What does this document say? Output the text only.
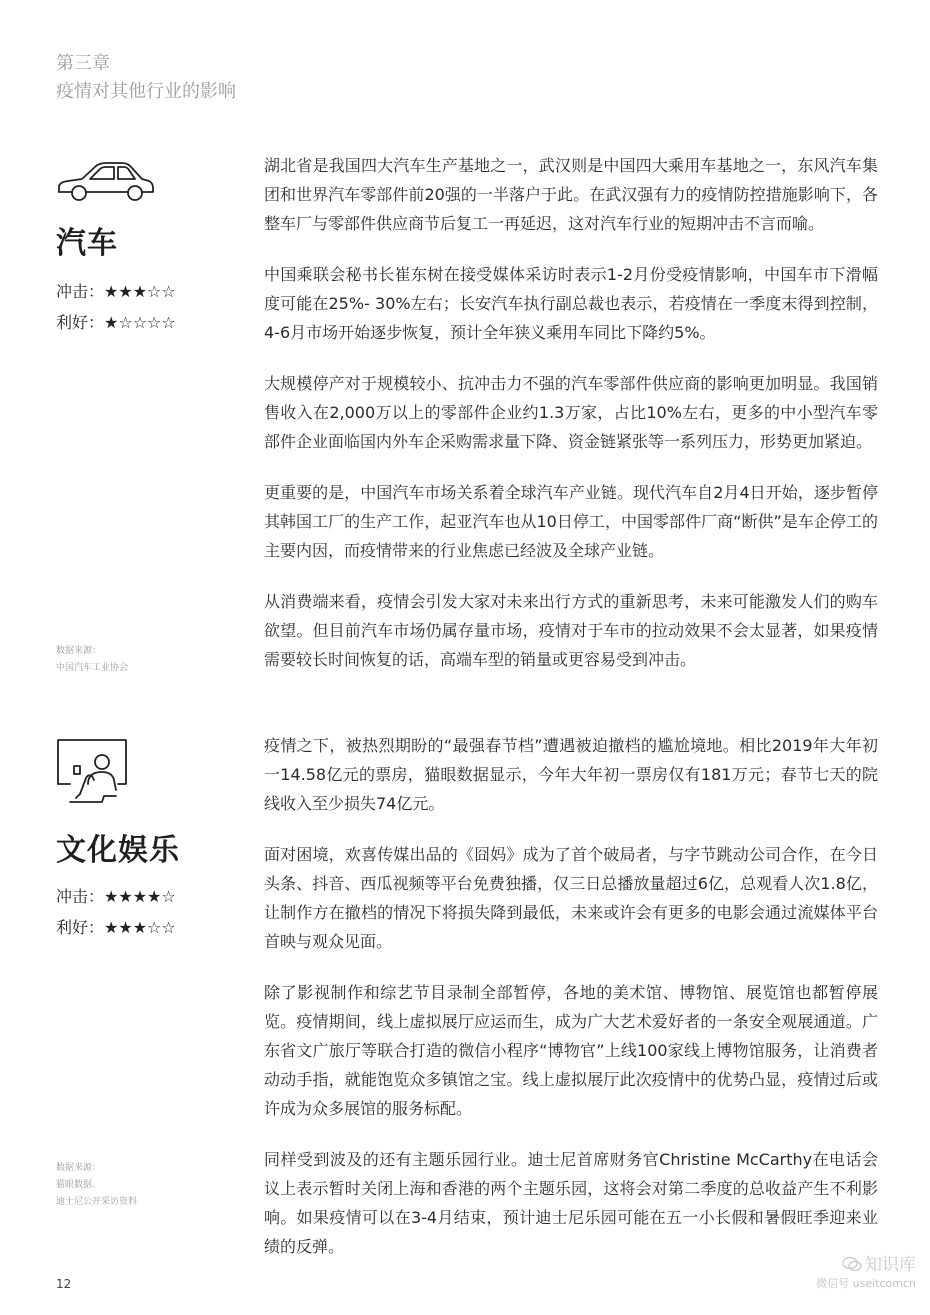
第三章
疫情对其他行业的影响
汽车
冲击：★★★☆☆
利好：★☆☆☆☆
数据来源：
中国汽车工业协会

湖北省是我国四大汽车生产基地之一，武汉则是中国四大乘用车基地之一，东风汽车集团和世界汽车零部件前20强的一半落户于此。在武汉强有力的疫情防控措施影响下，各整车厂与零部件供应商节后复工一再延迟，这对汽车行业的短期冲击不言而喻。

中国乘联会秘书长崔东树在接受媒体采访时表示1-2月份受疫情影响，中国车市下滑幅度可能在25%- 30%左右；长安汽车执行副总裁也表示，若疫情在一季度末得到控制，4-6月市场开始逐步恢复，预计全年狭义乘用车同比下降约5%。

大规模停产对于规模较小、抗冲击力不强的汽车零部件供应商的影响更加明显。我国销售收入在2,000万以上的零部件企业约1.3万家，占比10%左右，更多的中小型汽车零部件企业面临国内外车企采购需求量下降、资金链紧张等一系列压力，形势更加紧迫。

更重要的是，中国汽车市场关系着全球汽车产业链。现代汽车自2月4日开始，逐步暂停其韩国工厂的生产工作，起亚汽车也从10日停工，中国零部件厂商“断供”是车企停工的主要内因，而疫情带来的行业焦虑已经波及全球产业链。

从消费端来看，疫情会引发大家对未来出行方式的重新思考，未来可能激发人们的购车欲望。但目前汽车市场仍属存量市场，疫情对于车市的拉动效果不会太显著，如果疫情需要较长时间恢复的话，高端车型的销量或更容易受到冲击。

文化娱乐
冲击：★★★★☆
利好：★★★☆☆
数据来源：
猫眼数据、
迪士尼公开采访资料

疫情之下，被热烈期盼的“最强春节档”遭遇被迫撤档的尴尬境地。相比2019年大年初一14.58亿元的票房，猫眼数据显示，今年大年初一票房仅有181万元；春节七天的院线收入至少损失74亿元。

面对困境，欢喜传媒出品的《囧妈》成为了首个破局者，与字节跳动公司合作，在今日头条、抖音、西瓜视频等平台免费独播，仅三日总播放量超过6亿，总观看人次1.8亿，让制作方在撤档的情况下将损失降到最低，未来或许会有更多的电影会通过流媒体平台首映与观众见面。

除了影视制作和综艺节目录制全部暂停，各地的美术馆、博物馆、展览馆也都暂停展览。疫情期间，线上虚拟展厅应运而生，成为广大艺术爱好者的一条安全观展通道。广东省文广旅厅等联合打造的微信小程序“博物官”上线100家线上博物馆服务，让消费者动动手指，就能饱览众多镇馆之宝。线上虚拟展厅此次疫情中的优势凸显，疫情过后或许成为众多展馆的服务标配。

同样受到波及的还有主题乐园行业。迪士尼首席财务官Christine McCarthy在电话会议上表示暂时关闭上海和香港的两个主题乐园，这将会对第二季度的总收益产生不利影响。如果疫情可以在3-4月结束，预计迪士尼乐园可能在五一小长假和暑假旺季迎来业绩的反弹。

12
知识库
微信号 useitcomcn
